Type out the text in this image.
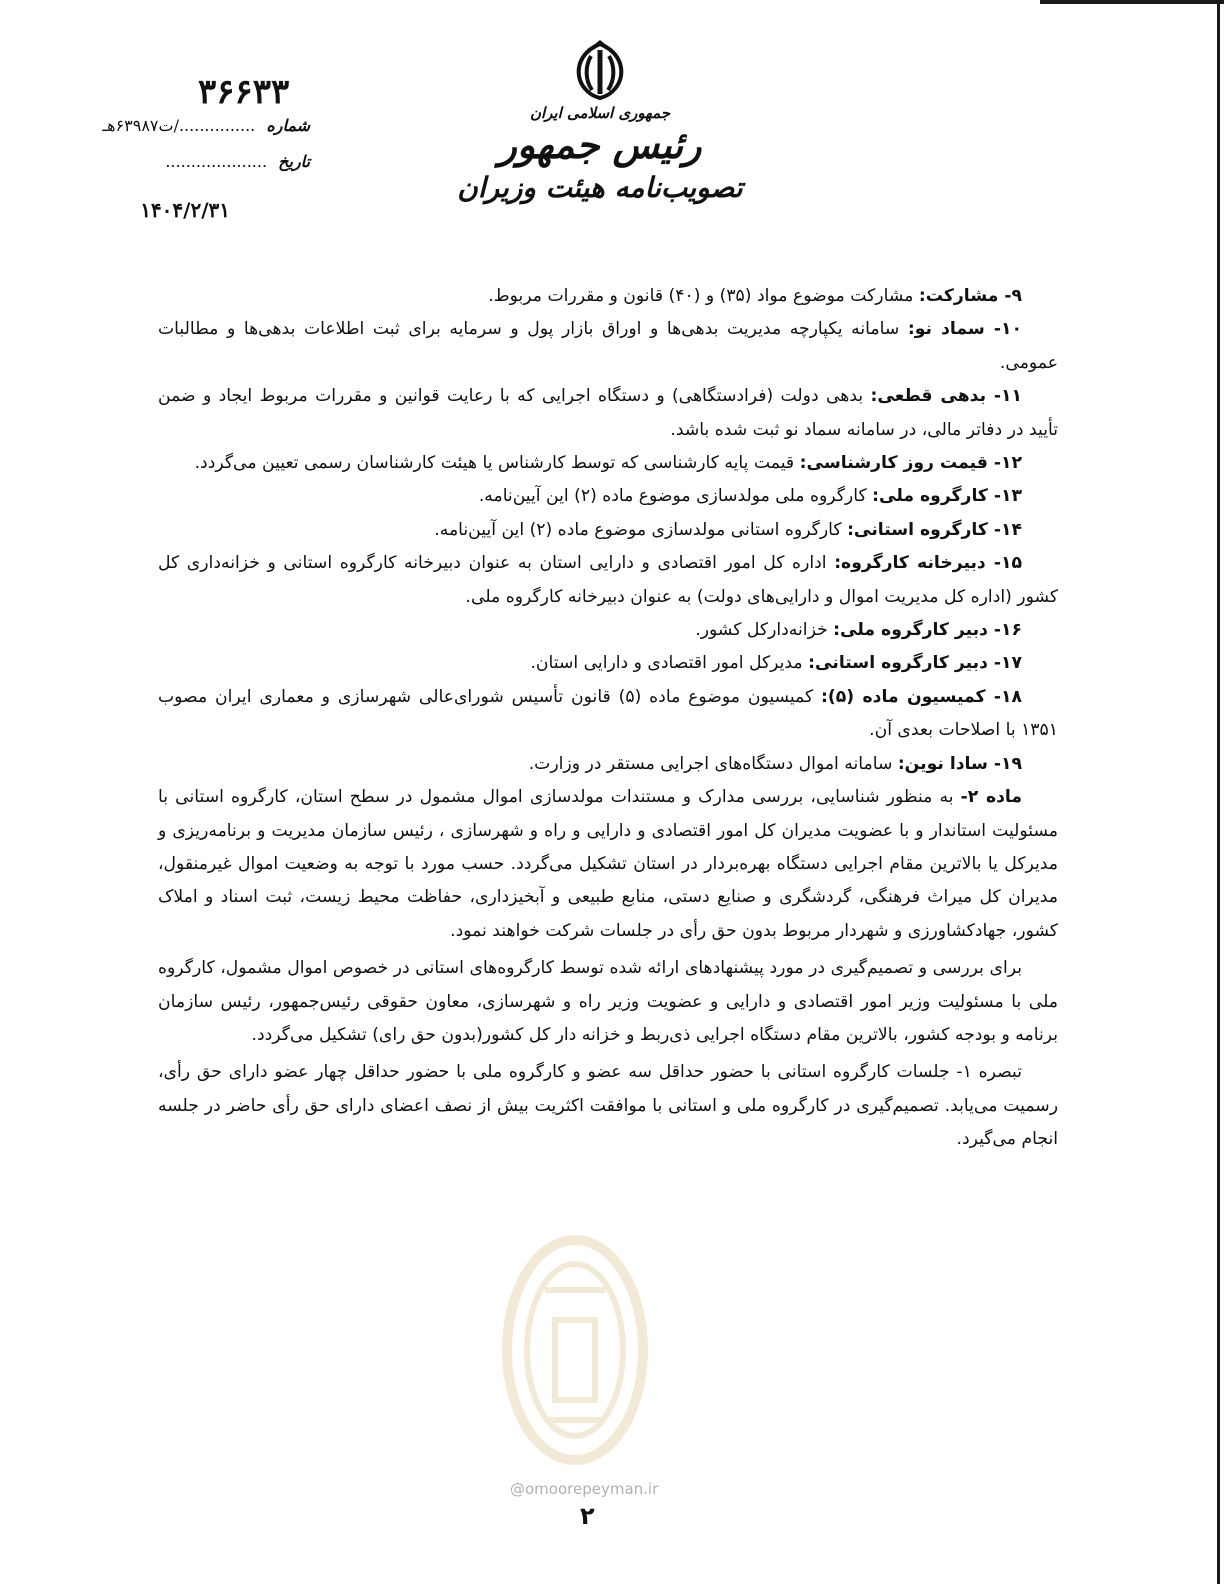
جمهوری اسلامی ایران
رئیس جمهور
تصویب‌نامه هیئت وزیران
۳۶۶۳۳
شماره .............../ت۶۳۹۸۷هـ
تاریخ ....................
۱۴۰۴/۲/۳۱

۹- مشارکت: مشارکت موضوع مواد (۳۵) و (۴۰) قانون و مقررات مربوط.

۱۰- سماد نو: سامانه یکپارچه مدیریت بدهی‌ها و اوراق بازار پول و سرمایه برای ثبت اطلاعات بدهی‌ها و مطالبات عمومی.

۱۱- بدهی قطعی: بدهی دولت (فرادستگاهی) و دستگاه اجرایی که با رعایت قوانین و مقررات مربوط ایجاد و ضمن تأیید در دفاتر مالی، در سامانه سماد نو ثبت شده باشد.

۱۲- قیمت روز کارشناسی: قیمت پایه کارشناسی که توسط کارشناس یا هیئت کارشناسان رسمی تعیین می‌گردد.

۱۳- کارگروه ملی: کارگروه ملی مولدسازی موضوع ماده (۲) این آیین‌نامه.

۱۴- کارگروه استانی: کارگروه استانی مولدسازی موضوع ماده (۲) این آیین‌نامه.

۱۵- دبیرخانه کارگروه: اداره کل امور اقتصادی و دارایی استان به عنوان دبیرخانه کارگروه استانی و خزانه‌داری کل کشور (اداره کل مدیریت اموال و دارایی‌های دولت) به عنوان دبیرخانه کارگروه ملی.

۱۶- دبیر کارگروه ملی: خزانه‌دارکل کشور.

۱۷- دبیر کارگروه استانی: مدیرکل امور اقتصادی و دارایی استان.

۱۸- کمیسیون ماده (۵): کمیسیون موضوع ماده (۵) قانون تأسیس شورای‌عالی شهرسازی و معماری ایران مصوب ۱۳۵۱ با اصلاحات بعدی آن.

۱۹- سادا نوین: سامانه اموال دستگاه‌های اجرایی مستقر در وزارت.

ماده ۲- به منظور شناسایی، بررسی مدارک و مستندات مولدسازی اموال مشمول در سطح استان، کارگروه استانی با مسئولیت استاندار و با عضویت مدیران کل امور اقتصادی و دارایی و راه و شهرسازی ، رئیس سازمان مدیریت و برنامه‌ریزی و مدیرکل یا بالاترین مقام اجرایی دستگاه بهره‌بردار در استان تشکیل می‌گردد. حسب مورد با توجه به وضعیت اموال غیرمنقول، مدیران کل میراث فرهنگی، گردشگری و صنایع دستی، منابع طبیعی و آبخیزداری، حفاظت محیط زیست، ثبت اسناد و املاک کشور، جهادکشاورزی و شهردار مربوط بدون حق رأی در جلسات شرکت خواهند نمود.

برای بررسی و تصمیم‌گیری در مورد پیشنهادهای ارائه شده توسط کارگروه‌های استانی در خصوص اموال مشمول، کارگروه ملی با مسئولیت وزیر امور اقتصادی و دارایی و عضویت وزیر راه و شهرسازی، معاون حقوقی رئیس‌جمهور، رئیس سازمان برنامه و بودجه کشور، بالاترین مقام دستگاه اجرایی ذی‌ربط و خزانه دار کل کشور(بدون حق رای) تشکیل می‌گردد.

تبصره ۱- جلسات کارگروه استانی با حضور حداقل سه عضو و کارگروه ملی با حضور حداقل چهار عضو دارای حق رأی، رسمیت می‌یابد. تصمیم‌گیری در کارگروه ملی و استانی با موافقت اکثریت بیش از نصف اعضای دارای حق رأی حاضر در جلسه انجام می‌گیرد.

@omoorepeyman.ir
۲
